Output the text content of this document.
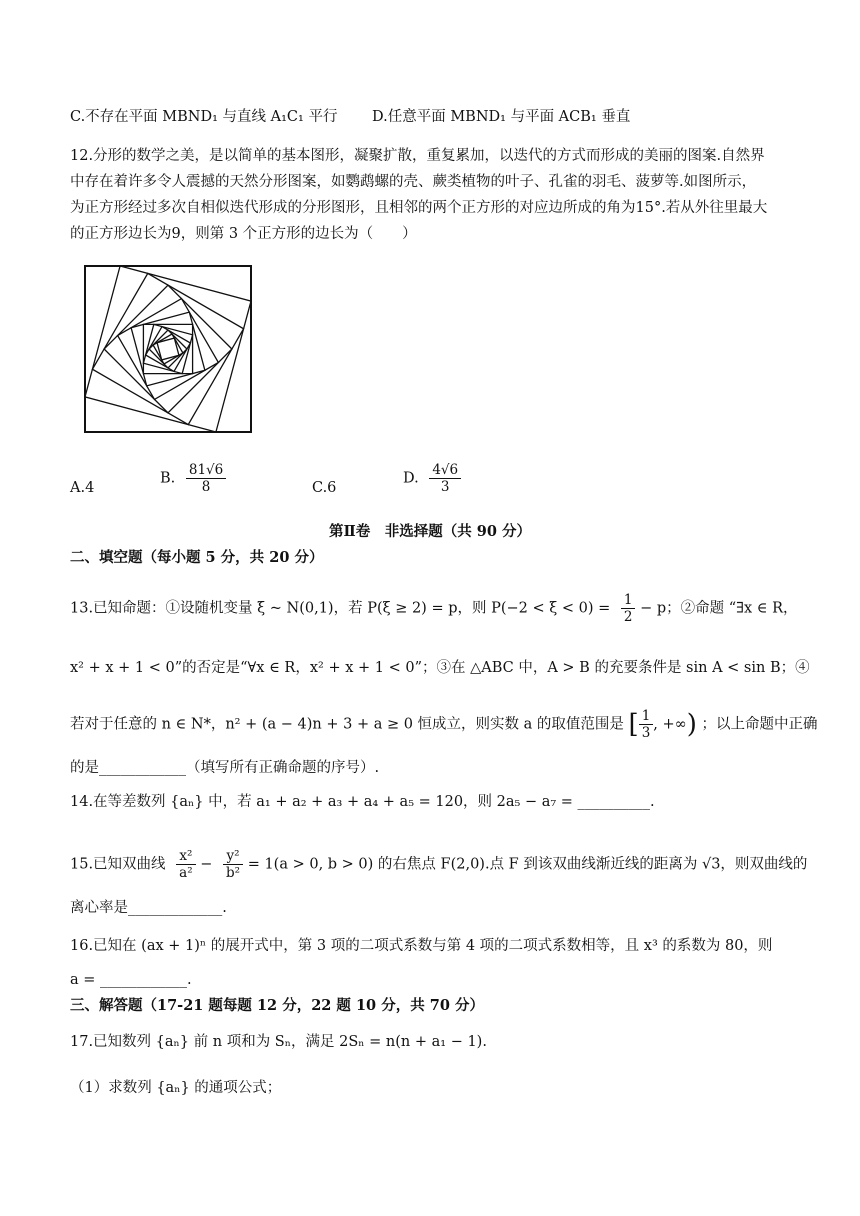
C.不存在平面 MBND₁ 与直线 A₁C₁ 平行 D.任意平面 MBND₁ 与平面 ACB₁ 垂直
12.分形的数学之美，是以简单的基本图形，凝聚扩散，重复累加，以迭代的方式而形成的美丽的图案.自然界
中存在着许多令人震撼的天然分形图案，如鹦鹉螺的壳、蕨类植物的叶子、孔雀的羽毛、菠萝等.如图所示，
为正方形经过多次自相似迭代形成的分形图形，且相邻的两个正方形的对应边所成的角为15°.若从外往里最大
的正方形边长为9，则第 3 个正方形的边长为（　　）
A.4
B. $\frac{81√6}{8}$	C.6
D. $\frac{4√6}{3}$
第Ⅱ卷　非选择题（共 90 分）
二、填空题（每小题 5 分，共 20 分）
13.已知命题：①设随机变量 ξ ~ N(0,1)，若 P(ξ ≥ 2) = p，则 $P(-2 < \xi < 0) = \frac{1}{2} - p$；②命题 “∃x ∈ R，
x² + x + 1 < 0”的否定是“∀x ∈ R，x² + x + 1 < 0”；③在 △ABC 中，A > B 的充要条件是 sin A < sin B；④
若对于任意的 n ∈ N*，n² + (a − 4)n + 3 + a ≥ 0 恒成立，则实数 a 的取值范围是 [ $\frac{1}{3}$ , +∞) ；以上命题中正确
的是____________（填写所有正确命题的序号）.
14.在等差数列 {aₙ} 中，若 a₁ + a₂ + a₃ + a₄ + a₅ = 120，则 2a₅ − a₇ = __________.
15.已知双曲线 $\frac{\text{x²}}{\text{a²}} - \frac{\text{y²}}{\text{b²}} = 1(a > 0$, b > 0) 的右焦点 F(2,0).点 F 到该双曲线渐近线的距离为 √3，则双曲线的
离心率是_____________.
16.已知在 (ax + 1)ⁿ 的展开式中，第 3 项的二项式系数与第 4 项的二项式系数相等，且 x³ 的系数为 80，则
a = ____________.
三、解答题（17-21 题每题 12 分，22 题 10 分，共 70 分）
17.已知数列 {aₙ} 前 n 项和为 Sₙ，满足 2Sₙ = n(n + a₁ − 1).
（1）求数列 {aₙ} 的通项公式；
